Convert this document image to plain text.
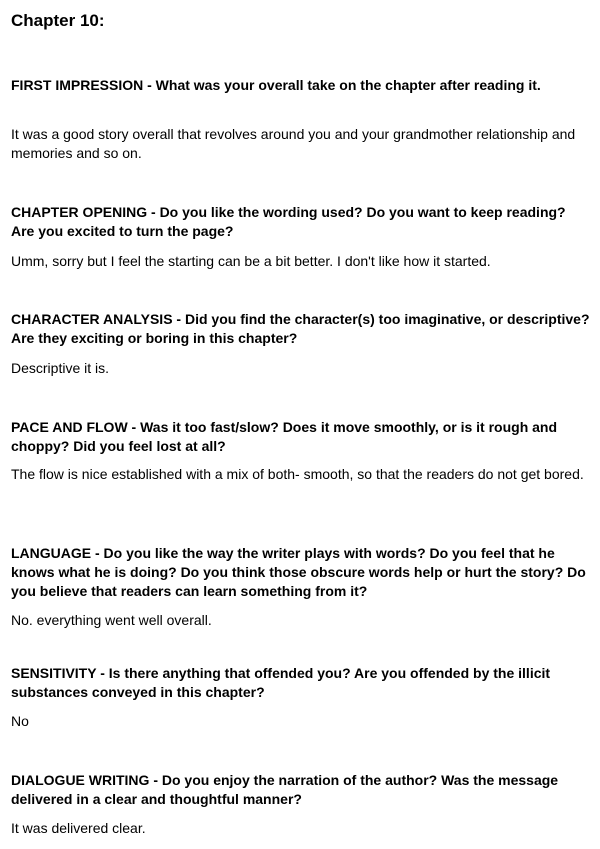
Chapter 10:

FIRST IMPRESSION - What was your overall take on the chapter after reading it.

It was a good story overall that revolves around you and your grandmother relationship and memories and so on.

CHAPTER OPENING - Do you like the wording used? Do you want to keep reading? Are you excited to turn the page?

Umm, sorry but I feel the starting can be a bit better. I don't like how it started.

CHARACTER ANALYSIS - Did you find the character(s) too imaginative, or descriptive? Are they exciting or boring in this chapter?

Descriptive it is.

PACE AND FLOW - Was it too fast/slow? Does it move smoothly, or is it rough and choppy? Did you feel lost at all?

The flow is nice established with a mix of both- smooth, so that the readers do not get bored.

LANGUAGE - Do you like the way the writer plays with words? Do you feel that he knows what he is doing? Do you think those obscure words help or hurt the story? Do you believe that readers can learn something from it?

No. everything went well overall.

SENSITIVITY - Is there anything that offended you? Are you offended by the illicit substances conveyed in this chapter?

No

DIALOGUE WRITING - Do you enjoy the narration of the author? Was the message delivered in a clear and thoughtful manner?

It was delivered clear.
